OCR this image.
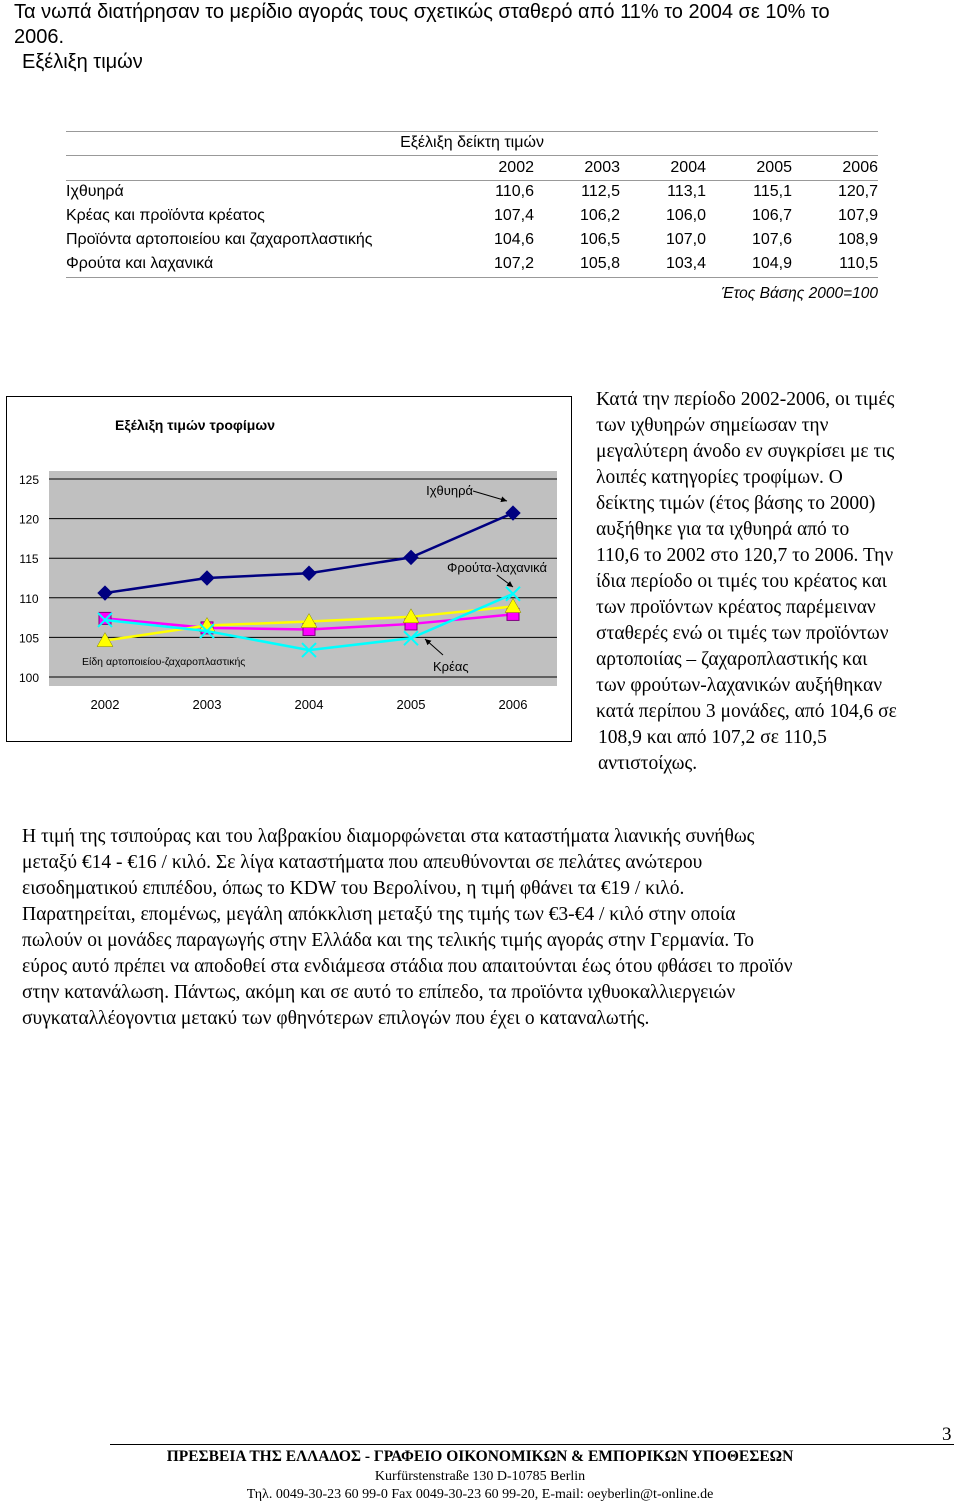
Τα νωπά διατήρησαν το μερίδιο αγοράς τους σχετικώς σταθερό από 11% το 2004 σε 10% το
2006.
Εξέλιξη τιμών
Εξέλιξη δείκτη τιμών
2002	2003	2004	2005	2006
Ιχθυηρά	110,6	112,5	113,1	115,1	120,7
Κρέας και προϊόντα κρέατος	107,4	106,2	106,0	106,7	107,9
Προϊόντα αρτοποιείου και ζαχαροπλαστικής	104,6	106,5	107,0	107,6	108,9
Φρούτα και λαχανικά	107,2	105,8	103,4	104,9	110,5
Έτος Βάσης 2000=100
125
120
115
110
105
100
2002	2003	2004	2005	2006
Εξέλιξη τιμών τροφίμων
Ιχθυηρά
Φρούτα-λαχανικά
Είδη αρτοποιείου-ζαχαροπλαστικής	Κρέας
Κατά την περίοδο 2002-2006, οι τιμές
των ιχθυηρών σημείωσαν την
μεγαλύτερη άνοδο εν συγκρίσει με τις
λοιπές κατηγορίες τροφίμων. Ο
δείκτης τιμών (έτος βάσης το 2000)
αυξήθηκε για τα ιχθυηρά από το
110,6 το 2002 στο 120,7 το 2006. Την
ίδια περίοδο οι τιμές του κρέατος και
των προϊόντων κρέατος παρέμειναν
σταθερές ενώ οι τιμές των προϊόντων
αρτοποιίας – ζαχαροπλαστικής και
των φρούτων-λαχανικών αυξήθηκαν
κατά περίπου 3 μονάδες, από 104,6 σε
108,9 και από 107,2 σε 110,5
αντιστοίχως.
Η τιμή της τσιπούρας και του λαβρακίου διαμορφώνεται στα καταστήματα λιανικής συνήθως
μεταξύ €14 - €16 / κιλό. Σε λίγα καταστήματα που απευθύνονται σε πελάτες ανώτερου
εισοδηματικού επιπέδου, όπως το KDW του Βερολίνου, η τιμή φθάνει τα €19 / κιλό.
Παρατηρείται, επομένως, μεγάλη απόκκλιση μεταξύ της τιμής των €3-€4 / κιλό στην οποία
πωλούν οι μονάδες παραγωγής στην Ελλάδα και της τελικής τιμής αγοράς στην Γερμανία. Το
εύρος αυτό πρέπει να αποδοθεί στα ενδιάμεσα στάδια που απαιτούνται έως ότου φθάσει το προϊόν
στην κατανάλωση. Πάντως, ακόμη και σε αυτό το επίπεδο, τα προϊόντα ιχθυοκαλλιεργειών
συγκαταλλέογοντια μετακύ των φθηνότερων επιλογών που έχει ο καταναλωτής.
3
ΠΡΕΣΒΕΙΑ ΤΗΣ ΕΛΛΑΔΟΣ - ΓΡΑΦΕΙΟ ΟΙΚΟΝΟΜΙΚΩΝ & ΕΜΠΟΡΙΚΩΝ ΥΠΟΘΕΣΕΩΝ
Kurfürstenstraße 130 D-10785 Berlin
Τηλ. 0049-30-23 60 99-0 Fax 0049-30-23 60 99-20, E-mail: oeyberlin@t-online.de
